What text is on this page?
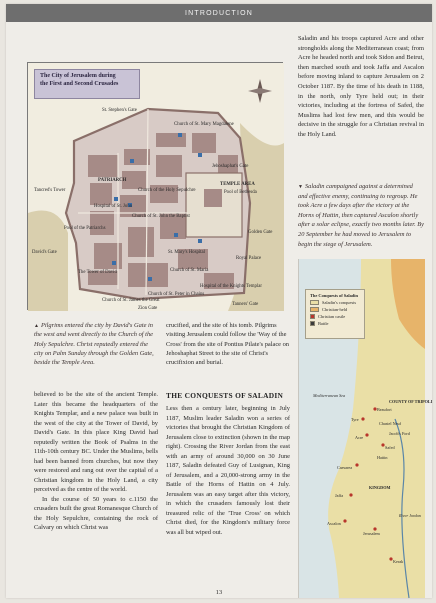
INTRODUCTION
St. Stephen's Gate
Church of St. Mary Magdalene
Jehoshaphat's Gate
Pool of Bethesda
PATRIARCH
Tancred's Tower	Church of the Holy Sepulchre
Hospital of St. John
Pool of the Patriarchs
Church of St. John the Baptist
TEMPLE AREA
Golden Gate
David's Gate
Royal Palace
The Tower of David
St. Mary's Hospital
Church of St. Maria
Hospital of the Knights Templar
Church of St. James the Great
Church of St. Peter in Chains
Tanners' Gate
Zion Gate
The City of Jerusalem during
the First and Second Crusades
▲ Pilgrims entered the city by David's Gate in the west and went directly to the Church of the Holy Sepulchre. Christ reputedly entered the city on Palm Sunday through the Golden Gate, beside the Temple Area.
crucified, and the site of his tomb. Pilgrims visiting Jerusalem could follow the 'Way of the Cross' from the site of Pontius Pilate's palace on Jehoshaphat Street to the site of Christ's crucifixion and burial.

believed to be the site of the ancient Temple. Later this became the headquarters of the Knights Templar, and a new palace was built in the west of the city at the Tower of David, by David's Gate. In this place King David had reputedly written the Book of Psalms in the 11th-10th century BC. Under the Muslims, bells had been banned from churches, but now they were restored and rang out over the capital of a Christian kingdom in the Holy Land, a city perceived as the centre of the world.

In the course of 50 years to c.1150 the crusaders built the great Romanesque Church of the Holy Sepulchre, containing the rock of Calvary on which Christ was

THE CONQUESTS OF SALADIN

Less then a century later, beginning in July 1187, Muslim leader Saladin won a series of victories that brought the Christian Kingdom of Jerusalem close to extinction (shown in the map right). Crossing the River Jordan from the east with an army of around 30,000 on 30 June 1187, Saladin defeated Guy of Lusignan, King of Jerusalem, and a 20,000-strong army in the Battle of the Horns of Hattin on 4 July. Jerusalem was an easy target after this victory, in which the crusaders famously lost their treasured relic of the 'True Cross' on which Christ died, for the Kingdom's military force was all but wiped out.

Saladin and his troops captured Acre and other strongholds along the Mediterranean coast; from Acre he headed north and took Sidon and Beirut, then marched south and took Jaffa and Ascalon before moving inland to capture Jerusalem on 2 October 1187. By the time of his death in 1188, in the north, only Tyre held out; in their victories, including at the fortress of Safed, the Muslims had lost few men, and this would be decisive in the struggle for a Christian revival in the Holy Land.

▼ Saladin campaigned against a determined and effective enemy, continuing to regroup. He took Acre a few days after the victory at the Horns of Hattin, then captured Ascalon shortly after a solar eclipse, exactly two months later. By 20 September he had moved to Jerusalem to begin the siege of Jerusalem.
Mediterranean Sea
COUNTY OF TRIPOLI
KINGDOM
Tyre
Beaufort
Chastel Neuf
Acre
Jacob's Ford
Safed
Hattin
Jaffa
Caesarea
Ascalon
Jerusalem
Kerak
River Jordan
The Conquests of Saladin
Saladin's conquests
Christian-held
Christian castle
Battle
13
